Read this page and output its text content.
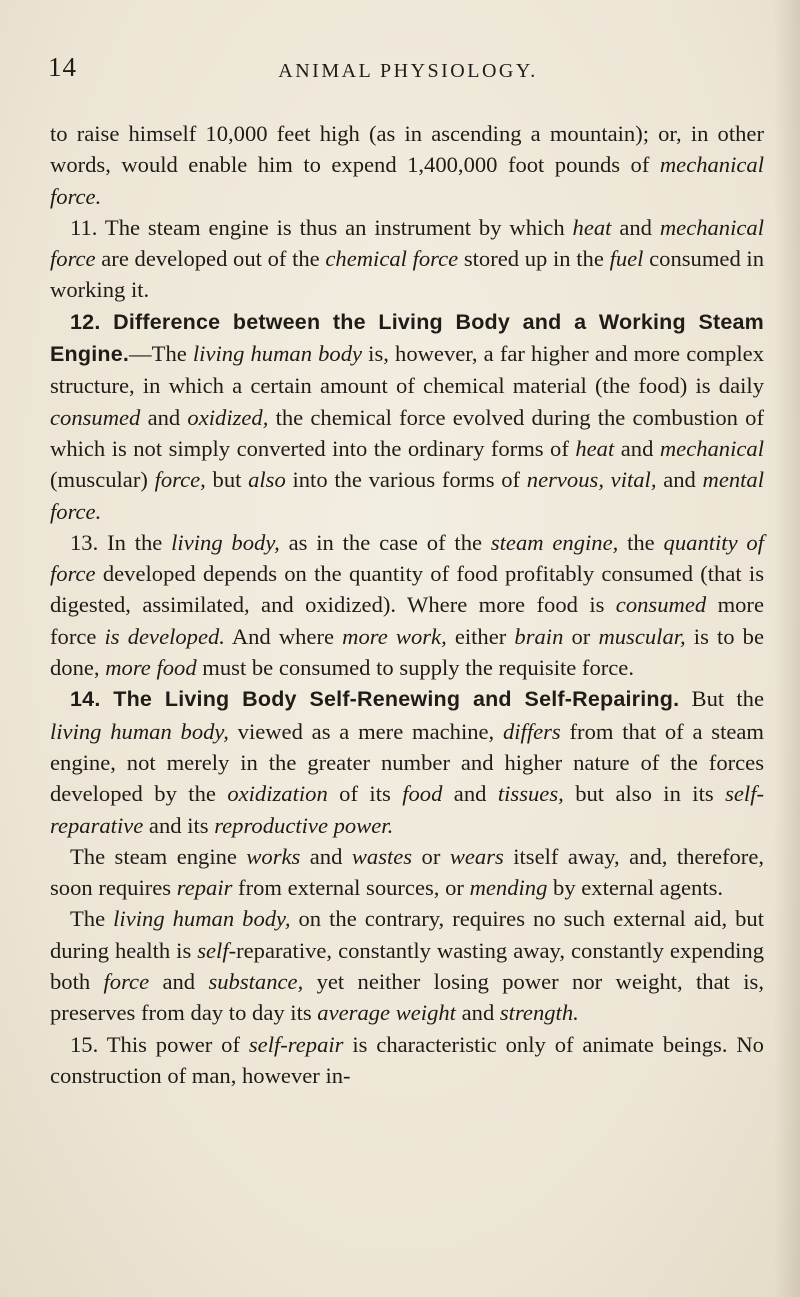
14	ANIMAL PHYSIOLOGY.

to raise himself 10,000 feet high (as in ascending a mountain); or, in other words, would enable him to expend 1,400,000 foot pounds of mechanical force.

11. The steam engine is thus an instrument by which heat and mechanical force are developed out of the chemical force stored up in the fuel consumed in working it.

12. Difference between the Living Body and a Working Steam Engine.—The living human body is, however, a far higher and more complex structure, in which a certain amount of chemical material (the food) is daily consumed and oxidized, the chemical force evolved during the combustion of which is not simply converted into the ordinary forms of heat and mechanical (muscular) force, but also into the various forms of nervous, vital, and mental force.

13. In the living body, as in the case of the steam engine, the quantity of force developed depends on the quantity of food profitably consumed (that is digested, assimilated, and oxidized). Where more food is consumed more force is developed. And where more work, either brain or muscular, is to be done, more food must be consumed to supply the requisite force.

14. The Living Body Self-Renewing and Self-Repairing. But the living human body, viewed as a mere machine, differs from that of a steam engine, not merely in the greater number and higher nature of the forces developed by the oxidization of its food and tissues, but also in its self-reparative and its reproductive power.

The steam engine works and wastes or wears itself away, and, therefore, soon requires repair from external sources, or mending by external agents.

The living human body, on the contrary, requires no such external aid, but during health is self-reparative, constantly wasting away, constantly expending both force and substance, yet neither losing power nor weight, that is, preserves from day to day its average weight and strength.

15. This power of self-repair is characteristic only of animate beings. No construction of man, however in-
